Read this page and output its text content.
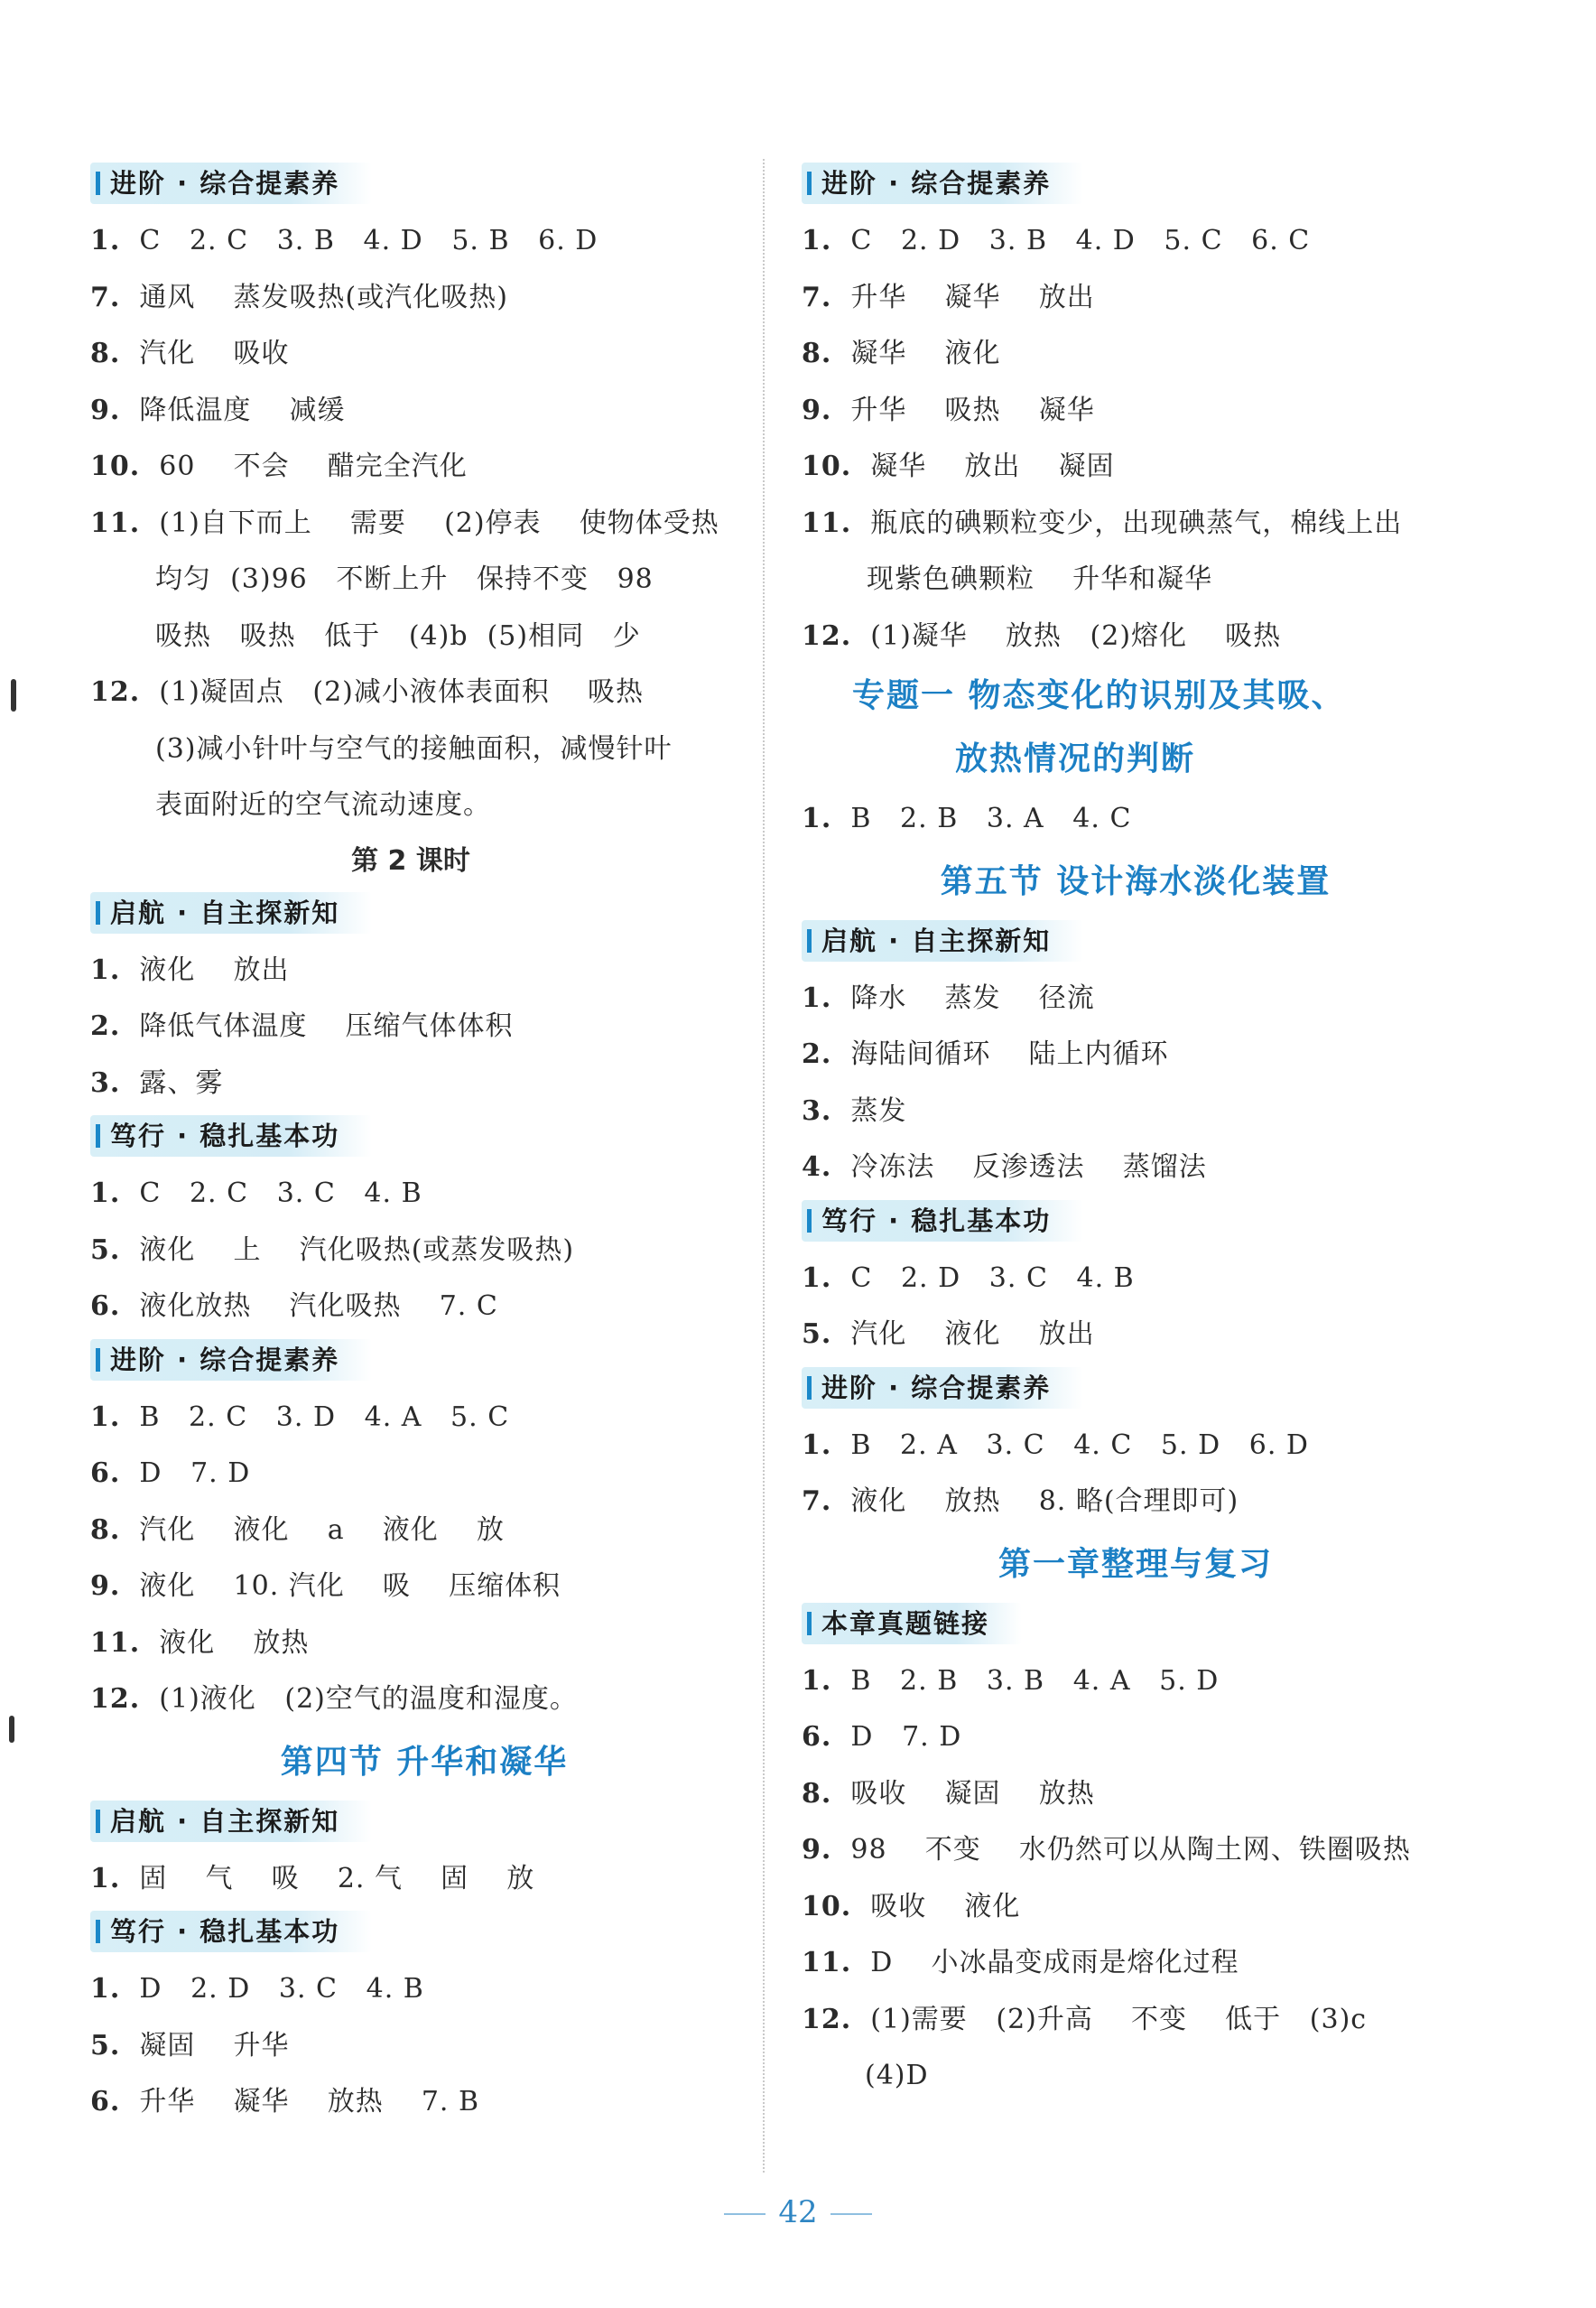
进阶 · 综合提素养
1. C   2. C   3. B   4. D   5. B   6. D
7. 通风    蒸发吸热(或汽化吸热)
8. 汽化    吸收
9. 降低温度    减缓
10. 60    不会    醋完全汽化
11. (1)自下而上    需要    (2)停表    使物体受热
均匀  (3)96   不断上升   保持不变   98
吸热   吸热   低于   (4)b  (5)相同   少
12. (1)凝固点   (2)减小液体表面积    吸热
(3)减小针叶与空气的接触面积，减慢针叶
表面附近的空气流动速度。
第 2 课时
启航 · 自主探新知
1. 液化    放出
2. 降低气体温度    压缩气体体积
3. 露、雾
笃行 · 稳扎基本功
1. C   2. C   3. C   4. B
5. 液化    上    汽化吸热(或蒸发吸热)
6. 液化放热    汽化吸热    7. C
进阶 · 综合提素养
1. B   2. C   3. D   4. A   5. C
6. D   7. D
8. 汽化    液化    a    液化    放
9. 液化    10. 汽化    吸    压缩体积
11. 液化    放热
12. (1)液化   (2)空气的温度和湿度。
第四节 升华和凝华
启航 · 自主探新知
1. 固    气    吸    2. 气    固    放
笃行 · 稳扎基本功
1. D   2. D   3. C   4. B
5. 凝固    升华
6. 升华    凝华    放热    7. B
进阶 · 综合提素养
1. C   2. D   3. B   4. D   5. C   6. C
7. 升华    凝华    放出
8. 凝华    液化
9. 升华    吸热    凝华
10. 凝华    放出    凝固
11. 瓶底的碘颗粒变少，出现碘蒸气，棉线上出
现紫色碘颗粒    升华和凝华
12. (1)凝华    放热   (2)熔化    吸热
专题一 物态变化的识别及其吸、
放热情况的判断
1. B   2. B   3. A   4. C
第五节 设计海水淡化装置
启航 · 自主探新知
1. 降水    蒸发    径流
2. 海陆间循环    陆上内循环
3. 蒸发
4. 冷冻法    反渗透法    蒸馏法
笃行 · 稳扎基本功
1. C   2. D   3. C   4. B
5. 汽化    液化    放出
进阶 · 综合提素养
1. B   2. A   3. C   4. C   5. D   6. D
7. 液化    放热    8. 略(合理即可)
第一章整理与复习
本章真题链接
1. B   2. B   3. B   4. A   5. D
6. D   7. D
8. 吸收    凝固    放热
9. 98    不变    水仍然可以从陶土网、铁圈吸热
10. 吸收    液化
11. D    小冰晶变成雨是熔化过程
12. (1)需要   (2)升高    不变    低于   (3)c
(4)D
42
